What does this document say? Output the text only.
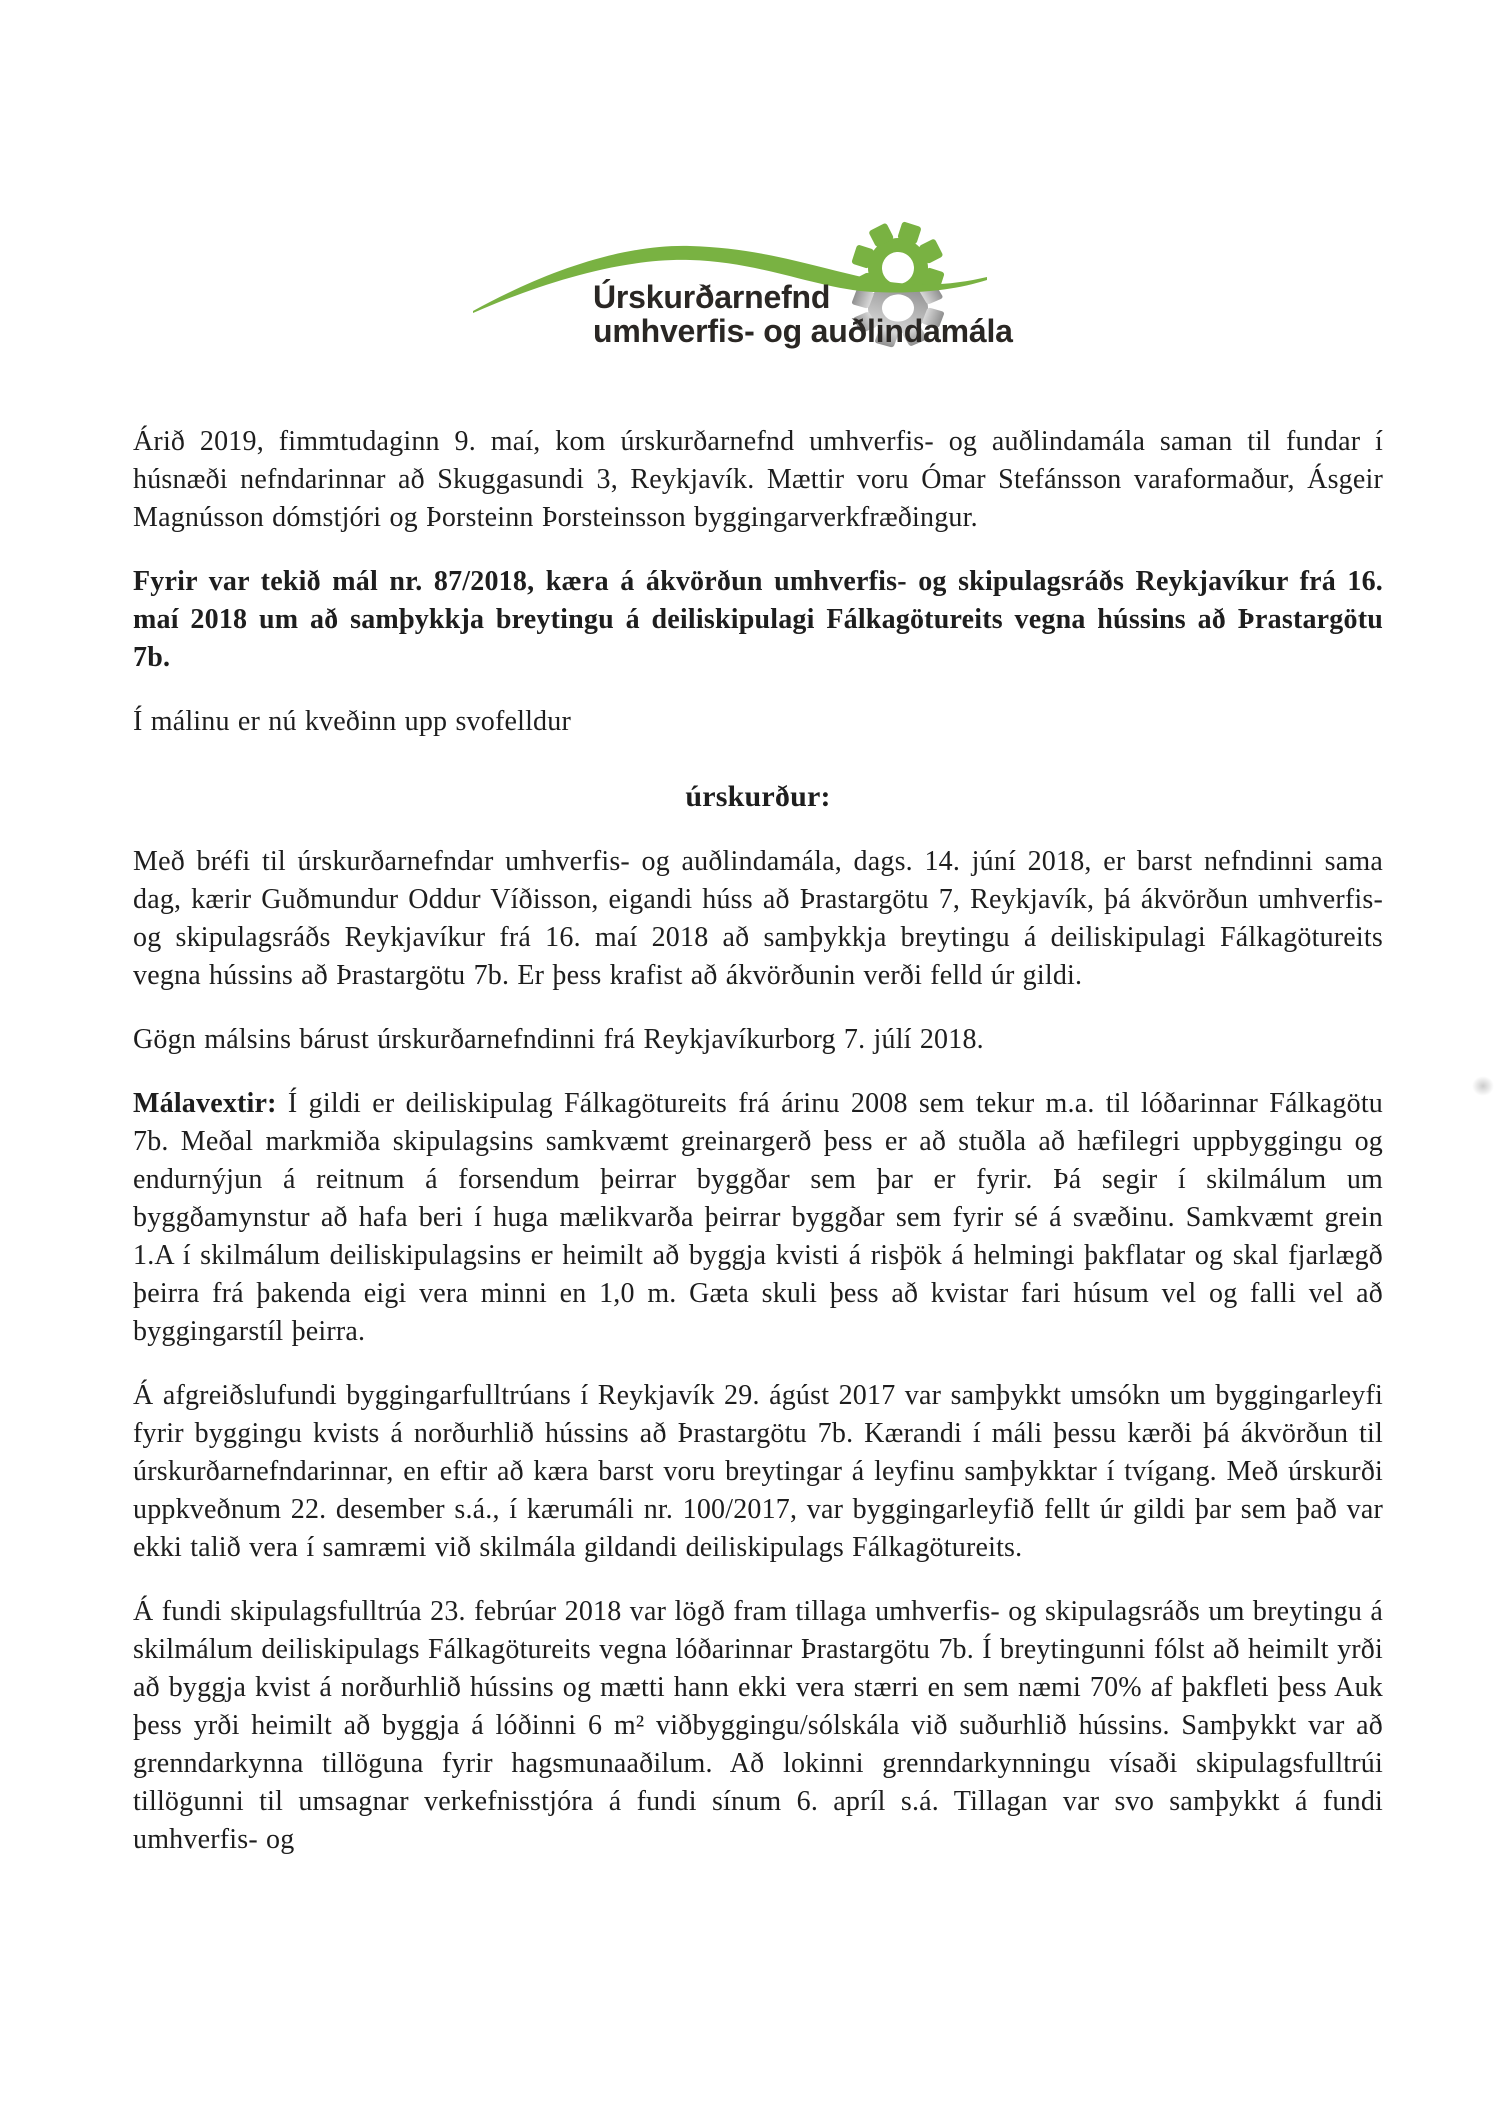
Úrskurðarnefnd
umhverfis- og auðlindamála

Árið 2019, fimmtudaginn 9. maí, kom úrskurðarnefnd umhverfis- og auðlindamála saman til fundar í húsnæði nefndarinnar að Skuggasundi 3, Reykjavík. Mættir voru Ómar Stefánsson varaformaður, Ásgeir Magnússon dómstjóri og Þorsteinn Þorsteinsson byggingarverkfræðingur.

Fyrir var tekið mál nr. 87/2018, kæra á ákvörðun umhverfis- og skipulagsráðs Reykjavíkur frá 16. maí 2018 um að samþykkja breytingu á deiliskipulagi Fálkagötureits vegna hússins að Þrastargötu 7b.

Í málinu er nú kveðinn upp svofelldur

úrskurður:

Með bréfi til úrskurðarnefndar umhverfis- og auðlindamála, dags. 14. júní 2018, er barst nefndinni sama dag, kærir Guðmundur Oddur Víðisson, eigandi húss að Þrastargötu 7, Reykjavík, þá ákvörðun umhverfis- og skipulagsráðs Reykjavíkur frá 16. maí 2018 að samþykkja breytingu á deiliskipulagi Fálkagötureits vegna hússins að Þrastargötu 7b. Er þess krafist að ákvörðunin verði felld úr gildi.

Gögn málsins bárust úrskurðarnefndinni frá Reykjavíkurborg 7. júlí 2018.

Málavextir: Í gildi er deiliskipulag Fálkagötureits frá árinu 2008 sem tekur m.a. til lóðarinnar Fálkagötu 7b. Meðal markmiða skipulagsins samkvæmt greinargerð þess er að stuðla að hæfilegri uppbyggingu og endurnýjun á reitnum á forsendum þeirrar byggðar sem þar er fyrir. Þá segir í skilmálum um byggðamynstur að hafa beri í huga mælikvarða þeirrar byggðar sem fyrir sé á svæðinu. Samkvæmt grein 1.A í skilmálum deiliskipulagsins er heimilt að byggja kvisti á risþök á helmingi þakflatar og skal fjarlægð þeirra frá þakenda eigi vera minni en 1,0 m. Gæta skuli þess að kvistar fari húsum vel og falli vel að byggingarstíl þeirra.

Á afgreiðslufundi byggingarfulltrúans í Reykjavík 29. ágúst 2017 var samþykkt umsókn um byggingarleyfi fyrir byggingu kvists á norðurhlið hússins að Þrastargötu 7b. Kærandi í máli þessu kærði þá ákvörðun til úrskurðarnefndarinnar, en eftir að kæra barst voru breytingar á leyfinu samþykktar í tvígang. Með úrskurði uppkveðnum 22. desember s.á., í kærumáli nr. 100/2017, var byggingarleyfið fellt úr gildi þar sem það var ekki talið vera í samræmi við skilmála gildandi deiliskipulags Fálkagötureits.

Á fundi skipulagsfulltrúa 23. febrúar 2018 var lögð fram tillaga umhverfis- og skipulagsráðs um breytingu á skilmálum deiliskipulags Fálkagötureits vegna lóðarinnar Þrastargötu 7b. Í breytingunni fólst að heimilt yrði að byggja kvist á norðurhlið hússins og mætti hann ekki vera stærri en sem næmi 70% af þakfleti þess Auk þess yrði heimilt að byggja á lóðinni 6 m² viðbyggingu/sólskála við suðurhlið hússins. Samþykkt var að grenndarkynna tillöguna fyrir hagsmunaaðilum. Að lokinni grenndarkynningu vísaði skipulagsfulltrúi tillögunni til umsagnar verkefnisstjóra á fundi sínum 6. apríl s.á. Tillagan var svo samþykkt á fundi umhverfis- og
